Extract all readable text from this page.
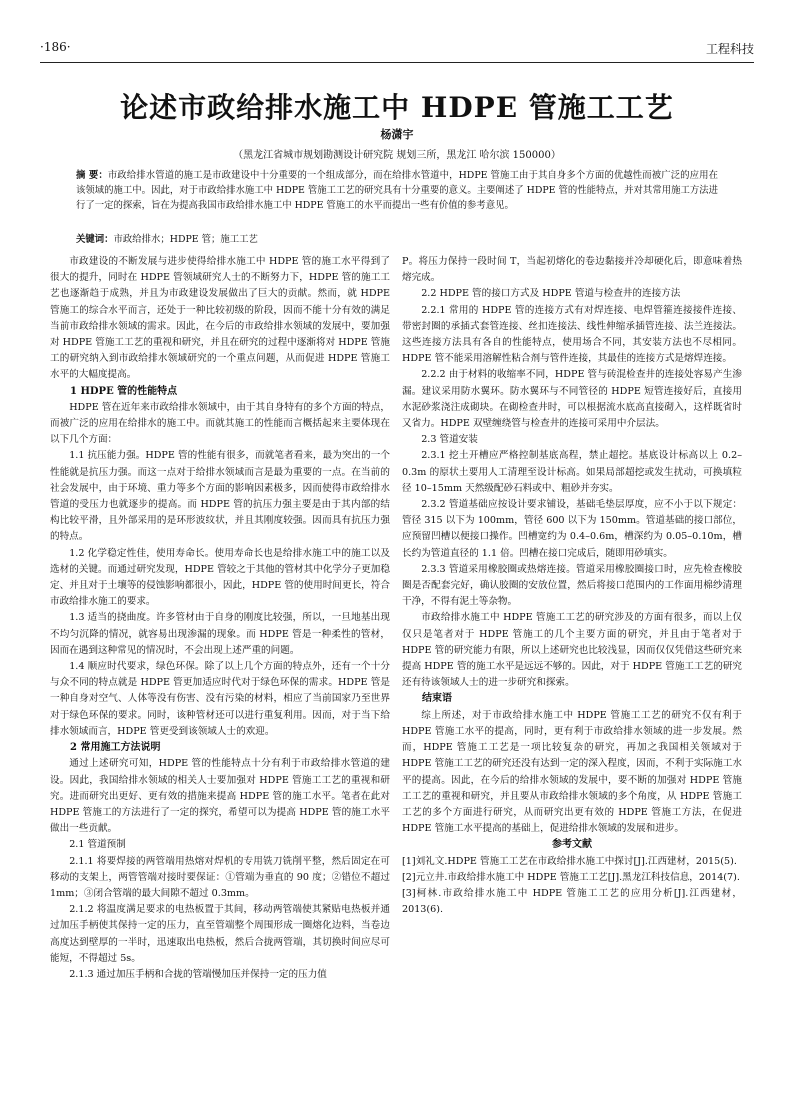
·186·	工程科技
论述市政给排水施工中 HDPE 管施工工艺
杨潇宇
（黑龙江省城市规划勘测设计研究院 规划三所，黑龙江 哈尔滨 150000）
摘 要：市政给排水管道的施工是市政建设中十分重要的一个组成部分，而在给排水管道中，HDPE 管施工由于其自身多个方面的优越性而被广泛的应用在该领域的施工中。因此，对于市政给排水施工中 HDPE 管施工工艺的研究具有十分重要的意义。主要阐述了 HDPE 管的性能特点，并对其常用施工方法进行了一定的探索，旨在为提高我国市政给排水施工中 HDPE 管施工的水平而提出一些有价值的参考意见。
关键词：市政给排水；HDPE 管；施工工艺

市政建设的不断发展与进步使得给排水施工中 HDPE 管的施工水平得到了很大的提升，同时在 HDPE 管领域研究人士的不断努力下，HDPE 管的施工工艺也逐渐趋于成熟，并且为市政建设发展做出了巨大的贡献。然而，就 HDPE 管施工的综合水平而言，还处于一种比较初级的阶段，因而不能十分有效的满足当前市政给排水领域的需求。因此，在今后的市政给排水领域的发展中，要加强对 HDPE 管施工工艺的重视和研究，并且在研究的过程中逐渐将对 HDPE 管施工的研究纳入到市政给排水领域研究的一个重点问题，从而促进 HDPE 管施工水平的大幅度提高。

1 HDPE 管的性能特点

HDPE 管在近年来市政给排水领域中，由于其自身特有的多个方面的特点，而被广泛的应用在给排水的施工中。而就其施工的性能而言概括起来主要体现在以下几个方面：

1.1 抗压能力强。HDPE 管的性能有很多，而就笔者看来，最为突出的一个性能就是抗压力强。而这一点对于给排水领域而言是最为重要的一点。在当前的社会发展中，由于环境、重力等多个方面的影响因素极多，因而使得市政给排水管道的受压力也就逐步的提高。而 HDPE 管的抗压力强主要是由于其内部的结构比较平滑，且外部采用的是环形波纹状，并且其刚度较强。因而具有抗压力强的特点。

1.2 化学稳定性佳，使用寿命长。使用寿命长也是给排水施工中的施工以及选材的关键。而通过研究发现，HDPE 管较之于其他的管材其中化学分子更加稳定、并且对于土壤等的侵蚀影响都很小，因此，HDPE 管的使用时间更长，符合市政给排水施工的要求。

1.3 适当的挠曲度。许多管材由于自身的刚度比较强，所以，一旦地基出现不均匀沉降的情况，就容易出现渗漏的现象。而 HDPE 管是一种柔性的管材，因而在遇到这种常见的情况时，不会出现上述严重的问题。

1.4 顺应时代要求，绿色环保。除了以上几个方面的特点外，还有一个十分与众不同的特点就是 HDPE 管更加适应时代对于绿色环保的需求。HDPE 管是一种自身对空气、人体等没有伤害、没有污染的材料，相应了当前国家乃至世界对于绿色环保的要求。同时，该种管材还可以进行重复利用。因而，对于当下给排水领域而言，HDPE 管更受到该领域人士的欢迎。

2 常用施工方法说明

通过上述研究可知，HDPE 管的性能特点十分有利于市政给排水管道的建设。因此，我国给排水领域的相关人士要加强对 HDPE 管施工工艺的重视和研究。进而研究出更好、更有效的措施来提高 HDPE 管的施工水平。笔者在此对 HDPE 管施工的方法进行了一定的探究，希望可以为提高 HDPE 管的施工水平做出一些贡献。

2.1 管道预制

2.1.1 将要焊接的两管端用热熔对焊机的专用铣刀铣削平整，然后固定在可移动的支架上，两管管端对接时要保证：①管端为垂直的 90 度；②错位不超过 1mm；③闭合管端的最大间隙不超过 0.3mm。

2.1.2 将温度满足要求的电热板置于其间，移动两管端使其紧贴电热板并通过加压手柄使其保持一定的压力，直至管端整个周围形成一圈熔化边料，当卷边高度达到壁厚的一半时，迅速取出电热板，然后合拢两管端，其切换时间应尽可能短，不得超过 5s。

2.1.3 通过加压手柄和合拢的管端慢加压并保持一定的压力值

P。将压力保持一段时间 T，当起初熔化的卷边黏接并冷却硬化后，即意味着热熔完成。

2.2 HDPE 管的接口方式及 HDPE 管道与检查井的连接方法

2.2.1 常用的 HDPE 管的连接方式有对焊连接、电焊管箍连接接件连接、带密封圈的承插式套管连接、丝扣连接法、线性伸缩承插管连接、法兰连接法。这些连接方法具有各自的性能特点，使用场合不同，其安装方法也不尽相同。HDPE 管不能采用溶解性粘合剂与管件连接，其最佳的连接方式是熔焊连接。

2.2.2 由于材料的收缩率不同，HDPE 管与砖混检查井的连接处容易产生渗漏。建议采用防水翼环。防水翼环与不同管径的 HDPE 短管连接好后，直接用水泥砂浆浇注成砌块。在砌检查井时，可以根据流水底高直接砌入，这样既省时又省力。HDPE 双壁缠绕管与检查井的连接可采用中介层法。

2.3 管道安装

2.3.1 挖土开槽应严格控制基底高程，禁止超挖。基底设计标高以上 0.2–0.3m 的原状土要用人工清理至设计标高。如果局部超挖或发生扰动，可换填粒径 10–15mm 天然级配砂石料或中、粗砂并夯实。

2.3.2 管道基础应按设计要求铺设，基础毛垫层厚度，应不小于以下规定：管径 315 以下为 100mm，管径 600 以下为 150mm。管道基础的接口部位，应预留凹槽以便接口操作。凹槽宽约为 0.4–0.6m，槽深约为 0.05–0.10m，槽长约为管道直径的 1.1 倍。凹槽在接口完成后，随即用砂填实。

2.3.3 管道采用橡胶圈或热熔连接。管道采用橡胶圈接口时，应先检查橡胶圈是否配套完好，确认胶圈的安放位置，然后将接口范围内的工作面用棉纱清理干净，不得有泥土等杂物。

市政给排水施工中 HDPE 管施工工艺的研究涉及的方面有很多，而以上仅仅只是笔者对于 HDPE 管施工的几个主要方面的研究，并且由于笔者对于 HDPE 管的研究能力有限，所以上述研究也比较浅显，因而仅仅凭借这些研究来提高 HDPE 管的施工水平是远远不够的。因此，对于 HDPE 管施工工艺的研究还有待该领域人士的进一步研究和探索。

结束语

综上所述，对于市政给排水施工中 HDPE 管施工工艺的研究不仅有利于 HDPE 管施工水平的提高，同时，更有利于市政给排水领域的进一步发展。然而，HDPE 管施工工艺是一项比较复杂的研究，再加之我国相关领域对于 HDPE 管施工工艺的研究还没有达到一定的深入程度，因而，不利于实际施工水平的提高。因此，在今后的给排水领域的发展中，要不断的加强对 HDPE 管施工工艺的重视和研究，并且要从市政给排水领域的多个角度，从 HDPE 管施工工艺的多个方面进行研究，从而研究出更有效的 HDPE 管施工方法，在促进 HDPE 管施工水平提高的基础上，促进给排水领域的发展和进步。

参考文献

[1]刘礼文.HDPE 管施工工艺在市政给排水施工中探讨[J].江西建材，2015(5).

[2]元立井.市政给排水施工中 HDPE 管施工工艺[J].黑龙江科技信息，2014(7).

[3]柯林.市政给排水施工中 HDPE 管施工工艺的应用分析[J].江西建材，2013(6).
